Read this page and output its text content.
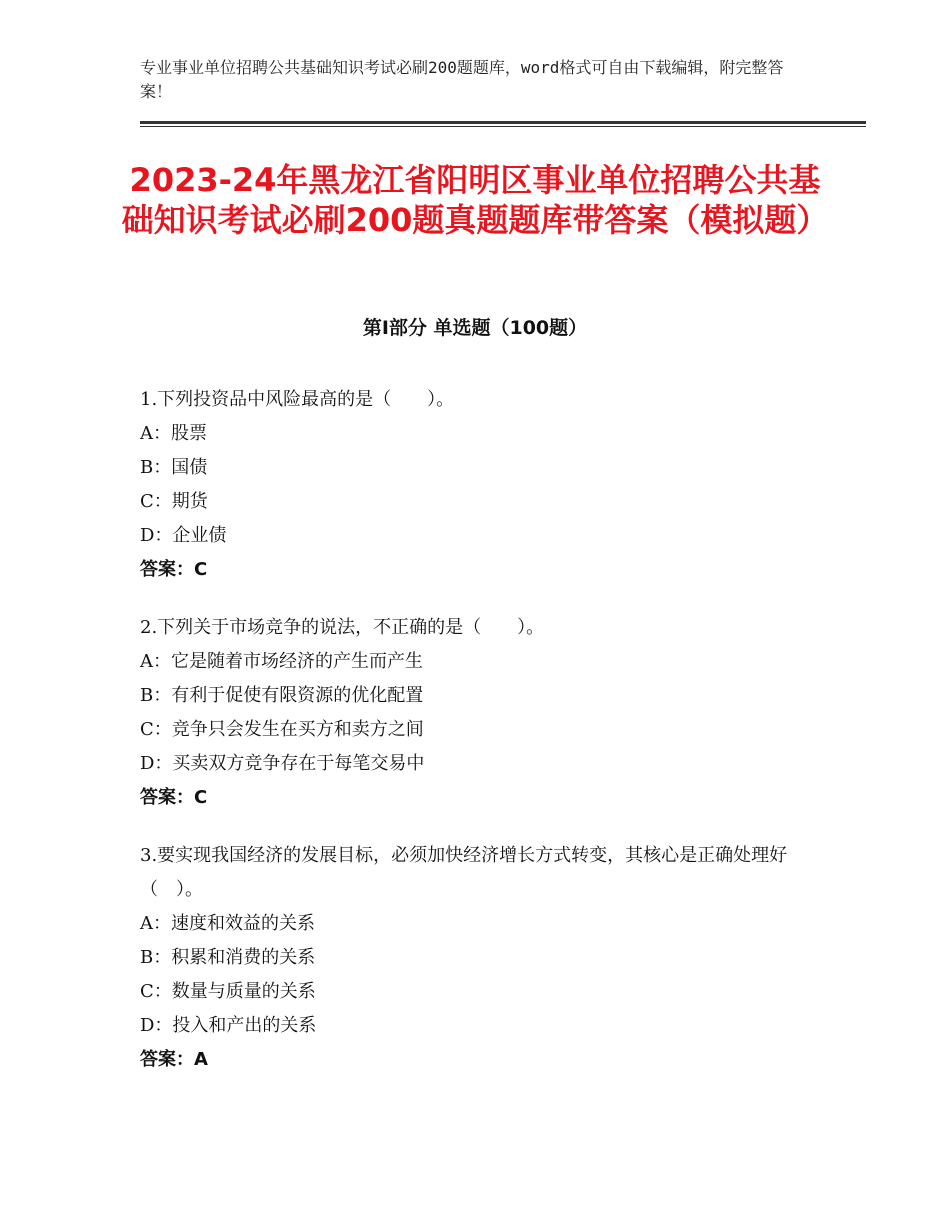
专业事业单位招聘公共基础知识考试必刷200题题库，word格式可自由下载编辑，附完整答案！
2023-24年黑龙江省阳明区事业单位招聘公共基础知识考试必刷200题真题题库带答案（模拟题）
第Ⅰ部分 单选题（100题）
1.下列投资品中风险最高的是（　　）。
A：股票
B：国债
C：期货
D：企业债
答案：C
2.下列关于市场竞争的说法，不正确的是（　　）。
A：它是随着市场经济的产生而产生
B：有利于促使有限资源的优化配置
C：竞争只会发生在买方和卖方之间
D：买卖双方竞争存在于每笔交易中
答案：C
3.要实现我国经济的发展目标，必须加快经济增长方式转变，其核心是正确处理好（　）。
A：速度和效益的关系
B：积累和消费的关系
C：数量与质量的关系
D：投入和产出的关系
答案：A
